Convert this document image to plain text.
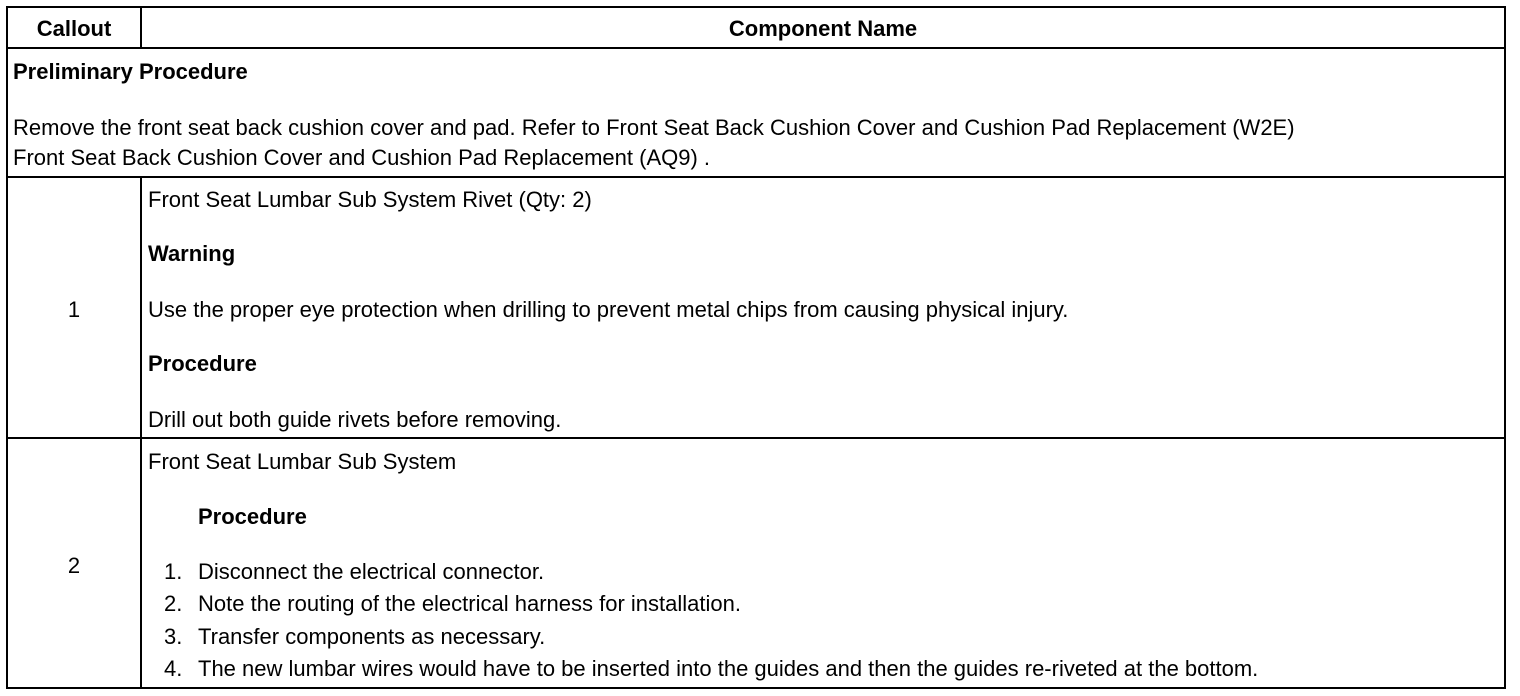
Callout	Component Name
Preliminary Procedure
Remove the front seat back cushion cover and pad. Refer to Front Seat Back Cushion Cover and Cushion Pad Replacement (W2E)
Front Seat Back Cushion Cover and Cushion Pad Replacement (AQ9) .
1
Front Seat Lumbar Sub System Rivet (Qty: 2)
Warning
Use the proper eye protection when drilling to prevent metal chips from causing physical injury.
Procedure
Drill out both guide rivets before removing.
2
Front Seat Lumbar Sub System
Procedure
1. Disconnect the electrical connector.
2. Note the routing of the electrical harness for installation.
3. Transfer components as necessary.
4. The new lumbar wires would have to be inserted into the guides and then the guides re-riveted at the bottom.
